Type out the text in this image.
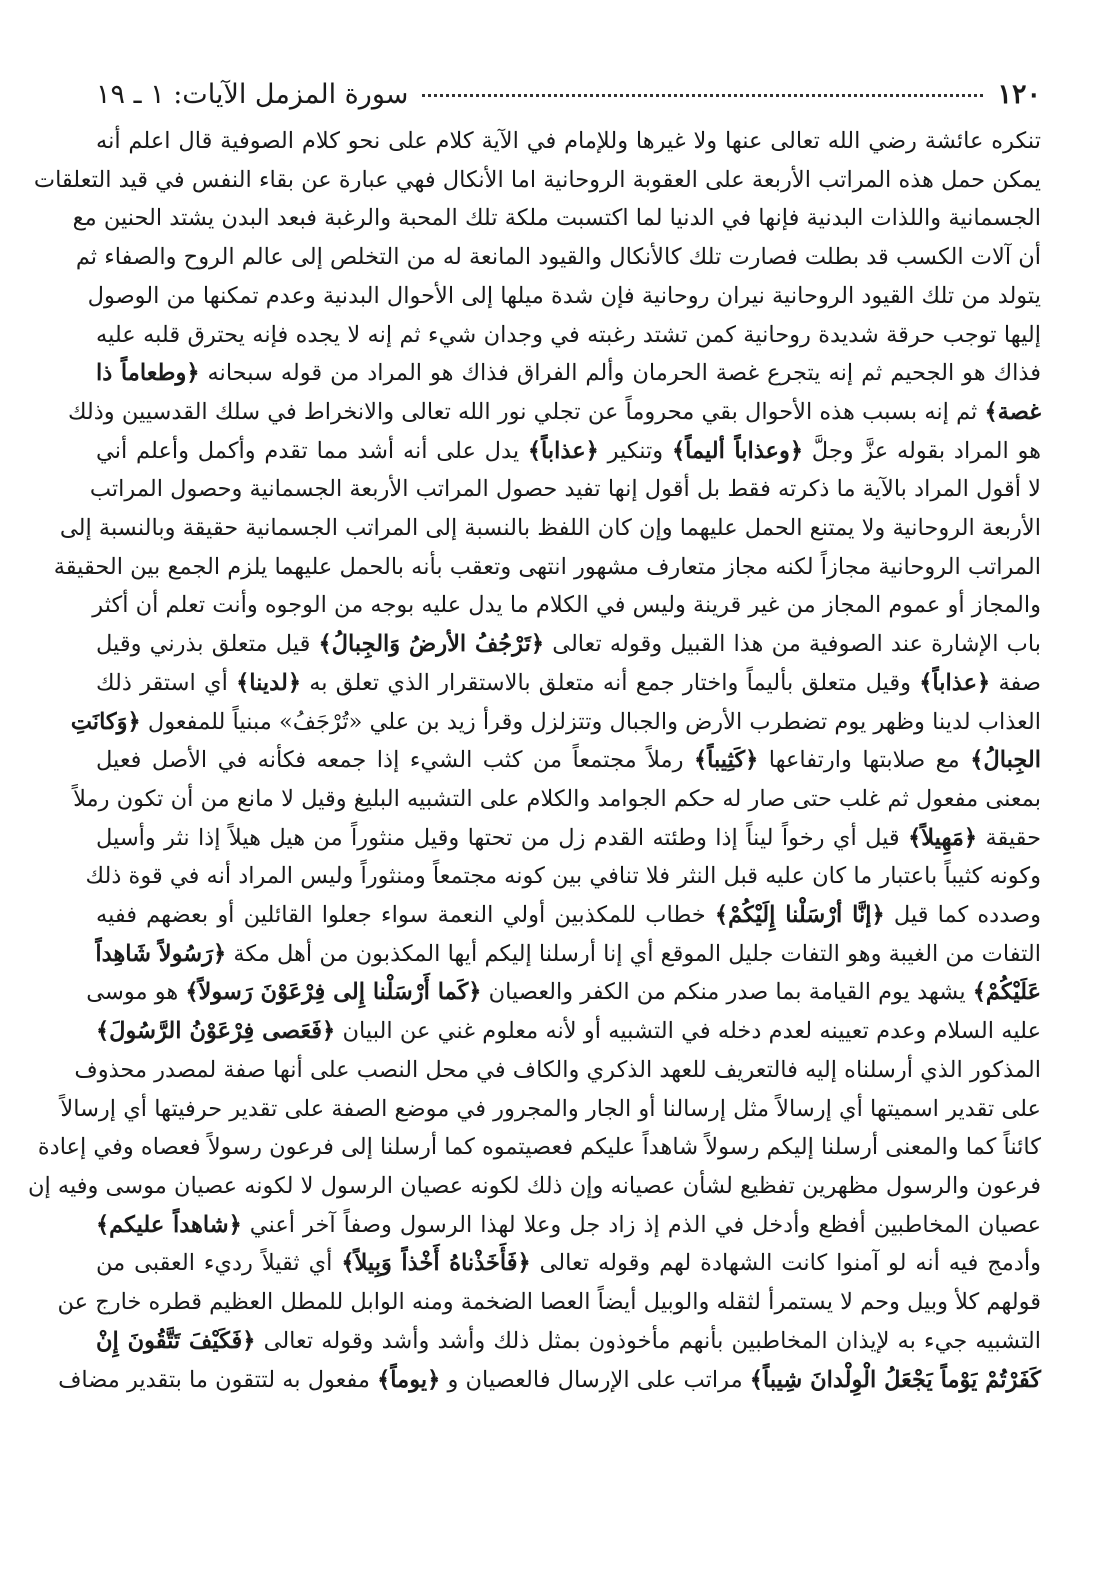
١٢٠
سورة المزمل الآيات: ١ ـ ١٩
تنكره عائشة رضي الله تعالى عنها ولا غيرها وللإمام في الآية كلام على نحو كلام الصوفية قال اعلم أنه
يمكن حمل هذه المراتب الأربعة على العقوبة الروحانية اما الأنكال فهي عبارة عن بقاء النفس في قيد التعلقات
الجسمانية واللذات البدنية فإنها في الدنيا لما اكتسبت ملكة تلك المحبة والرغبة فبعد البدن يشتد الحنين مع
أن آلات الكسب قد بطلت فصارت تلك كالأنكال والقيود المانعة له من التخلص إلى عالم الروح والصفاء ثم
يتولد من تلك القيود الروحانية نيران روحانية فإن شدة ميلها إلى الأحوال البدنية وعدم تمكنها من الوصول
إليها توجب حرقة شديدة روحانية كمن تشتد رغبته في وجدان شيء ثم إنه لا يجده فإنه يحترق قلبه عليه
فذاك هو الجحيم ثم إنه يتجرع غصة الحرمان وألم الفراق فذاك هو المراد من قوله سبحانه ﴿وطعاماً ذا
غصة﴾ ثم إنه بسبب هذه الأحوال بقي محروماً عن تجلي نور الله تعالى والانخراط في سلك القدسيين وذلك
هو المراد بقوله عزَّ وجلَّ ﴿وعذاباً أليماً﴾ وتنكير ﴿عذاباً﴾ يدل على أنه أشد مما تقدم وأكمل وأعلم أني
لا أقول المراد بالآية ما ذكرته فقط بل أقول إنها تفيد حصول المراتب الأربعة الجسمانية وحصول المراتب
الأربعة الروحانية ولا يمتنع الحمل عليهما وإن كان اللفظ بالنسبة إلى المراتب الجسمانية حقيقة وبالنسبة إلى
المراتب الروحانية مجازاً لكنه مجاز متعارف مشهور انتهى وتعقب بأنه بالحمل عليهما يلزم الجمع بين الحقيقة
والمجاز أو عموم المجاز من غير قرينة وليس في الكلام ما يدل عليه بوجه من الوجوه وأنت تعلم أن أكثر
باب الإشارة عند الصوفية من هذا القبيل وقوله تعالى ﴿تَرْجُفُ الأرضُ وَالجِبالُ﴾ قيل متعلق بذرني وقيل
صفة ﴿عذاباً﴾ وقيل متعلق بأليماً واختار جمع أنه متعلق بالاستقرار الذي تعلق به ﴿لدينا﴾ أي استقر ذلك
العذاب لدينا وظهر يوم تضطرب الأرض والجبال وتتزلزل وقرأ زيد بن علي «تُرْجَفُ» مبنياً للمفعول ﴿وَكانَتِ
الجِبالُ﴾ مع صلابتها وارتفاعها ﴿كَثِيباً﴾ رملاً مجتمعاً من كثب الشيء إذا جمعه فكأنه في الأصل فعيل
بمعنى مفعول ثم غلب حتى صار له حكم الجوامد والكلام على التشبيه البليغ وقيل لا مانع من أن تكون رملاً
حقيقة ﴿مَهِيلاً﴾ قيل أي رخواً ليناً إذا وطئته القدم زل من تحتها وقيل منثوراً من هيل هيلاً إذا نثر وأسيل
وكونه كثيباً باعتبار ما كان عليه قبل النثر فلا تنافي بين كونه مجتمعاً ومنثوراً وليس المراد أنه في قوة ذلك
وصدده كما قيل ﴿إنَّا أرْسَلْنا إِلَيْكُمْ﴾ خطاب للمكذبين أولي النعمة سواء جعلوا القائلين أو بعضهم ففيه
التفات من الغيبة وهو التفات جليل الموقع أي إنا أرسلنا إليكم أيها المكذبون من أهل مكة ﴿رَسُولاً شَاهِداً
عَلَيْكُمْ﴾ يشهد يوم القيامة بما صدر منكم من الكفر والعصيان ﴿كَما أَرْسَلْنا إِلى فِرْعَوْنَ رَسولاً﴾ هو موسى
عليه السلام وعدم تعيينه لعدم دخله في التشبيه أو لأنه معلوم غني عن البيان ﴿فَعَصى فِرْعَوْنُ الرَّسُولَ﴾
المذكور الذي أرسلناه إليه فالتعريف للعهد الذكري والكاف في محل النصب على أنها صفة لمصدر محذوف
على تقدير اسميتها أي إرسالاً مثل إرسالنا أو الجار والمجرور في موضع الصفة على تقدير حرفيتها أي إرسالاً
كائناً كما والمعنى أرسلنا إليكم رسولاً شاهداً عليكم فعصيتموه كما أرسلنا إلى فرعون رسولاً فعصاه وفي إعادة
فرعون والرسول مظهرين تفظيع لشأن عصيانه وإن ذلك لكونه عصيان الرسول لا لكونه عصيان موسى وفيه إن
عصيان المخاطبين أفظع وأدخل في الذم إذ زاد جل وعلا لهذا الرسول وصفاً آخر أعني ﴿شاهداً عليكم﴾
وأدمج فيه أنه لو آمنوا كانت الشهادة لهم وقوله تعالى ﴿فَأَخَذْناهُ أَخْذاً وَبِيلاً﴾ أي ثقيلاً رديء العقبى من
قولهم كلأ وبيل وحم لا يستمرأ لثقله والوبيل أيضاً العصا الضخمة ومنه الوابل للمطل العظيم قطره خارج عن
التشبيه جيء به لإيذان المخاطبين بأنهم مأخوذون بمثل ذلك وأشد وأشد وقوله تعالى ﴿فَكَيْفَ تَتَّقُونَ إِنْ
كَفَرْتُمْ يَوْماً يَجْعَلُ الْوِلْدانَ شِيباً﴾ مراتب على الإرسال فالعصيان و ﴿يوماً﴾ مفعول به لتتقون ما بتقدير مضاف
